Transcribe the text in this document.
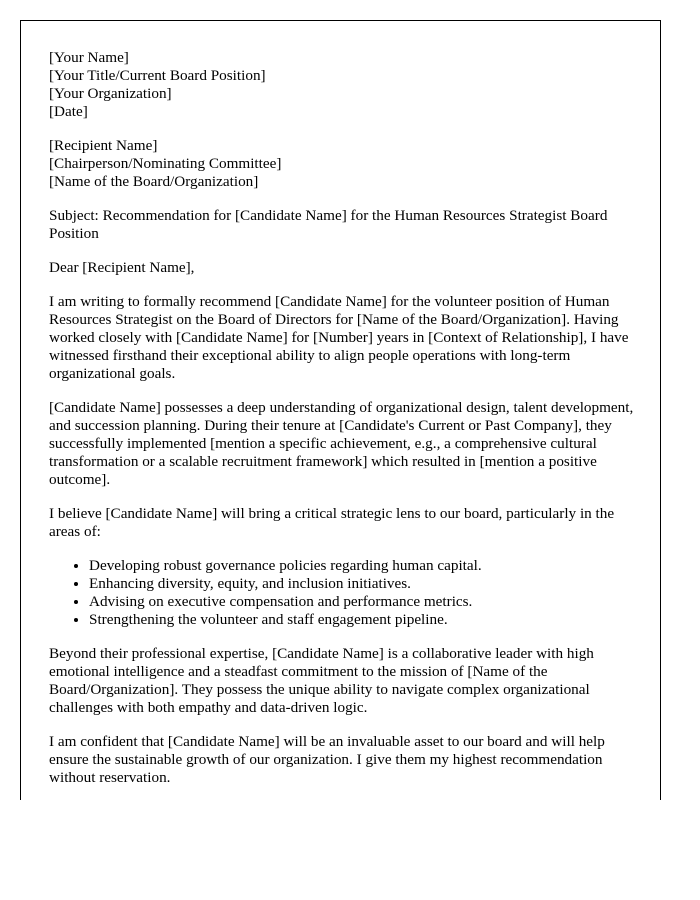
[Your Name]
[Your Title/Current Board Position]
[Your Organization]
[Date]
[Recipient Name]
[Chairperson/Nominating Committee]
[Name of the Board/Organization]

Subject: Recommendation for [Candidate Name] for the Human Resources Strategist Board Position

Dear [Recipient Name],

I am writing to formally recommend [Candidate Name] for the volunteer position of Human Resources Strategist on the Board of Directors for [Name of the Board/Organization]. Having worked closely with [Candidate Name] for [Number] years in [Context of Relationship], I have witnessed firsthand their exceptional ability to align people operations with long-term organizational goals.

[Candidate Name] possesses a deep understanding of organizational design, talent development, and succession planning. During their tenure at [Candidate's Current or Past Company], they successfully implemented [mention a specific achievement, e.g., a comprehensive cultural transformation or a scalable recruitment framework] which resulted in [mention a positive outcome].

I believe [Candidate Name] will bring a critical strategic lens to our board, particularly in the areas of:

• Developing robust governance policies regarding human capital.
• Enhancing diversity, equity, and inclusion initiatives.
• Advising on executive compensation and performance metrics.
• Strengthening the volunteer and staff engagement pipeline.

Beyond their professional expertise, [Candidate Name] is a collaborative leader with high emotional intelligence and a steadfast commitment to the mission of [Name of the Board/Organization]. They possess the unique ability to navigate complex organizational challenges with both empathy and data-driven logic.

I am confident that [Candidate Name] will be an invaluable asset to our board and will help ensure the sustainable growth of our organization. I give them my highest recommendation without reservation.
